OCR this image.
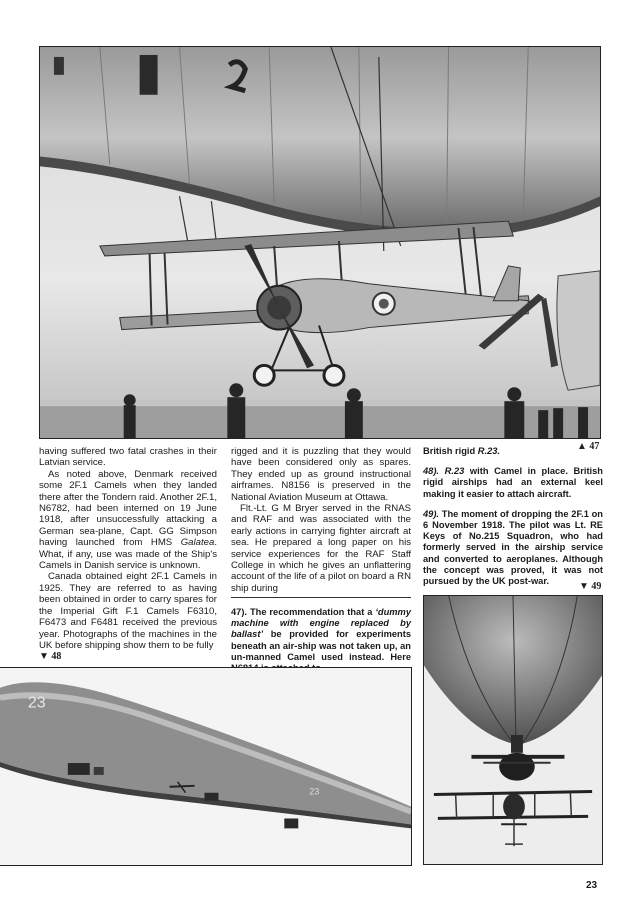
▲ 47

having suffered two fatal crashes in their Latvian service.

As noted above, Denmark received some 2F.1 Camels when they landed there after the Tondern raid. Another 2F.1, N6782, had been interned on 19 June 1918, after unsuccessfully attacking a German sea-plane, Capt. GG Simpson having launched from HMS Galatea. What, if any, use was made of the Ship's Camels in Danish service is unknown.

Canada obtained eight 2F.1 Camels in 1925. They are referred to as having been obtained in order to carry spares for the Imperial Gift F.1 Camels F6310, F6473 and F6481 received the previous year. Photographs of the machines in the UK before shipping show them to be fully

▼ 48

rigged and it is puzzling that they would have been considered only as spares. They ended up as ground instructional airframes. N8156 is preserved in the National Aviation Museum at Ottawa.

Flt.-Lt. G M Bryer served in the RNAS and RAF and was associated with the early actions in carrying fighter aircraft at sea. He prepared a long paper on his service experiences for the RAF Staff College in which he gives an unflattering account of the life of a pilot on board a RN ship during

47). The recommendation that a ‘dummy machine with engine replaced by ballast’ be provided for experiments beneath an air-ship was not taken up, an un-manned Camel used instead. Here

British rigid R.23.

48). R.23 with Camel in place. British rigid airships had an external keel making it easier to attach aircraft.

49). The moment of dropping the 2F.1 on 6 November 1918. The pilot was Lt. RE Keys of No.215 Squadron, who had formerly served in the airship service and converted to aeroplanes. Although the concept was proved, it was not pursued by the UK post-war.	▼ 49
23
23
23
